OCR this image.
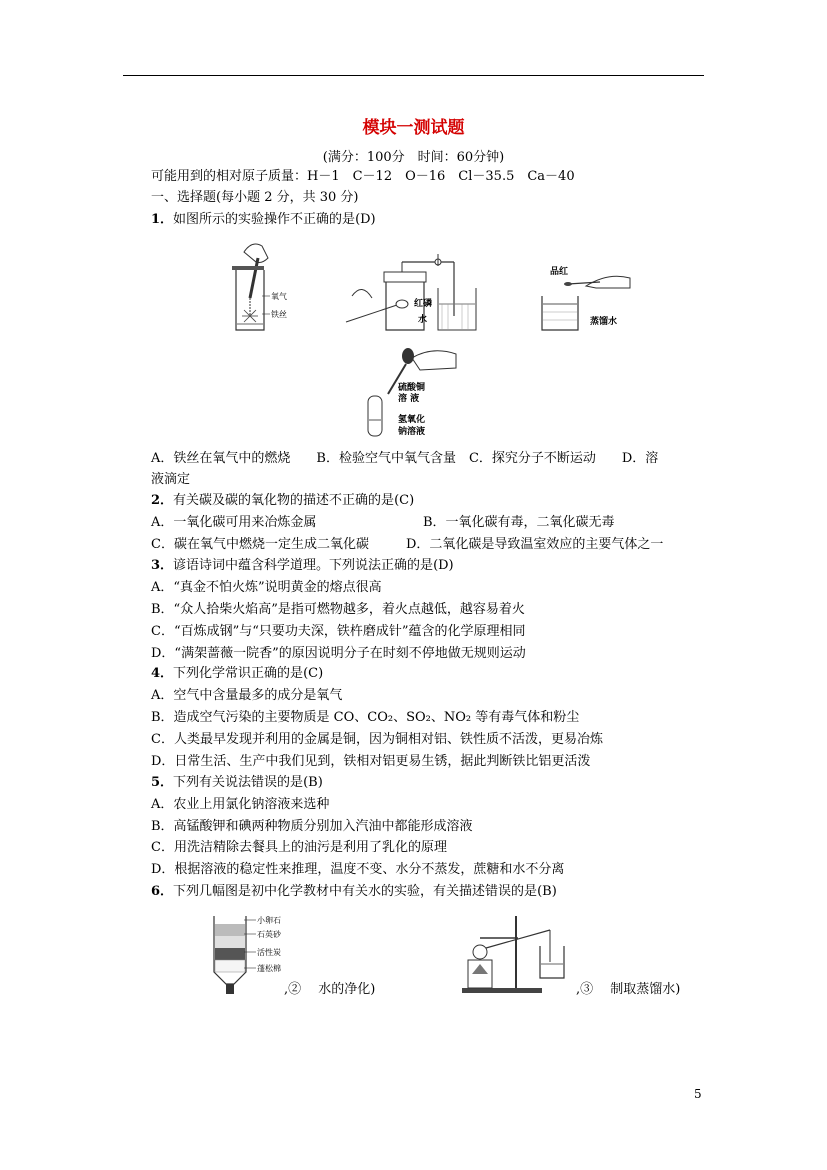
模块一测试题
(满分：100分　时间：60分钟)
可能用到的相对原子质量：H－1　C－12　O－16　Cl－35.5　Ca－40
一、选择题(每小题 2 分，共 30 分)
1．如图所示的实验操作不正确的是(D)
氧气
铁丝
红磷
水
品红
蒸馏水
硫酸铜
溶 液
氢氧化
钠溶液
A．铁丝在氧气中的燃烧　　B．检验空气中氧气含量　C．探究分子不断运动　　D．溶
液滴定
2．有关碳及碳的氧化物的描述不正确的是(C)
A．一氧化碳可用来冶炼金属	B．一氧化碳有毒，二氧化碳无毒
C．碳在氧气中燃烧一定生成二氧化碳	D．二氧化碳是导致温室效应的主要气体之一
3．谚语诗词中蕴含科学道理。下列说法正确的是(D)
A．“真金不怕火炼”说明黄金的熔点很高
B．“众人拾柴火焰高”是指可燃物越多，着火点越低，越容易着火
C．“百炼成钢”与“只要功夫深，铁杵磨成针”蕴含的化学原理相同
D．“满架蔷薇一院香”的原因说明分子在时刻不停地做无规则运动
4．下列化学常识正确的是(C)
A．空气中含量最多的成分是氧气
B．造成空气污染的主要物质是 CO、CO₂、SO₂、NO₂ 等有毒气体和粉尘
C．人类最早发现并利用的金属是铜，因为铜相对铝、铁性质不活泼，更易冶炼
D．日常生活、生产中我们见到，铁相对铝更易生锈，据此判断铁比铝更活泼
5．下列有关说法错误的是(B)
A．农业上用氯化钠溶液来选种
B．高锰酸钾和碘两种物质分别加入汽油中都能形成溶液
C．用洗洁精除去餐具上的油污是利用了乳化的原理
D．根据溶液的稳定性来推理，温度不变、水分不蒸发，蔗糖和水不分离
6．下列几幅图是初中化学教材中有关水的实验，有关描述错误的是(B)
小卵石
石英砂
活性炭
蓬松棉
,②　 水的净化)	,③　 制取蒸馏水)
5
